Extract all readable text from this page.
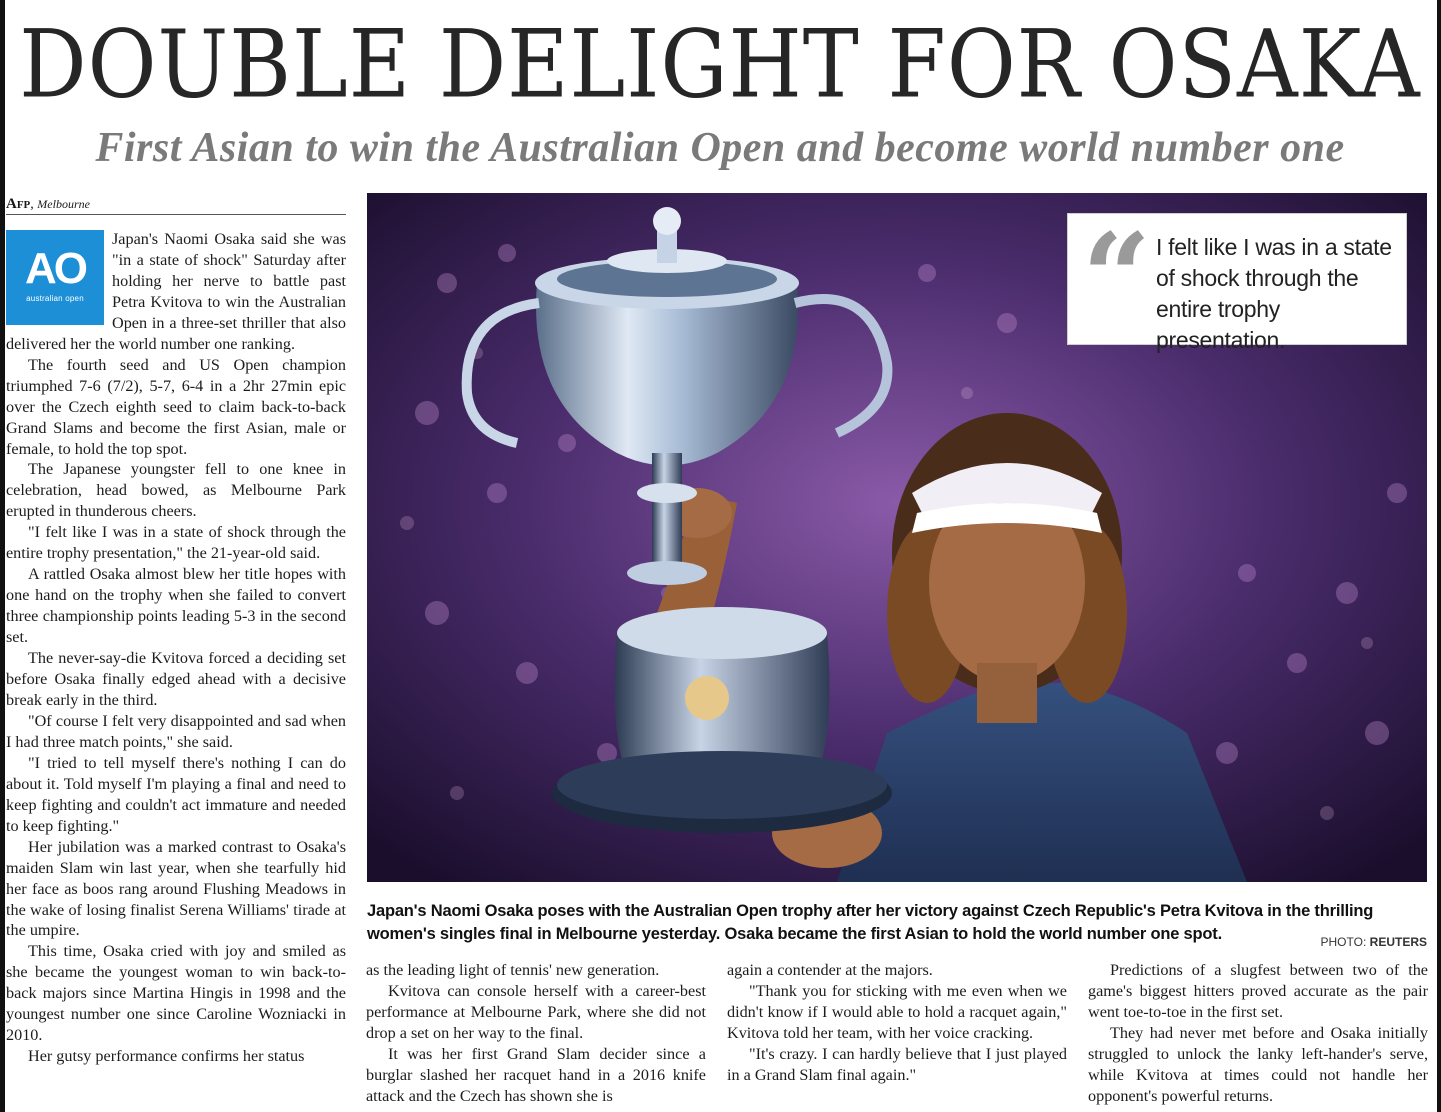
DOUBLE DELIGHT FOR OSAKA
First Asian to win the Australian Open and become world number one
Afp, Melbourne
AO
australian open

Japan's Naomi Osaka said she was "in a state of shock" Saturday after holding her nerve to battle past Petra Kvitova to win the Australian Open in a three-set thriller that also delivered her the world number one ranking.

The fourth seed and US Open champion triumphed 7-6 (7/2), 5-7, 6-4 in a 2hr 27min epic over the Czech eighth seed to claim back-to-back Grand Slams and become the first Asian, male or female, to hold the top spot.

The Japanese youngster fell to one knee in celebration, head bowed, as Melbourne Park erupted in thunderous cheers.

"I felt like I was in a state of shock through the entire trophy presentation," the 21-year-old said.

A rattled Osaka almost blew her title hopes with one hand on the trophy when she failed to convert three championship points leading 5-3 in the second set.

The never-say-die Kvitova forced a deciding set before Osaka finally edged ahead with a decisive break early in the third.

"Of course I felt very disappointed and sad when I had three match points," she said.

"I tried to tell myself there's nothing I can do about it. Told myself I'm playing a final and need to keep fighting and couldn't act immature and needed to keep fighting."

Her jubilation was a marked contrast to Osaka's maiden Slam win last year, when she tearfully hid her face as boos rang around Flushing Meadows in the wake of losing finalist Serena Williams' tirade at the umpire.

This time, Osaka cried with joy and smiled as she became the youngest woman to win back-to-back majors since Martina Hingis in 1998 and the youngest number one since Caroline Wozniacki in 2010.

Her gutsy performance confirms her status

“ I felt like I was in a state of shock through the entire trophy presentation.
Japan's Naomi Osaka poses with the Australian Open trophy after her victory against Czech Republic's Petra Kvitova in the thrilling women's singles final in Melbourne yesterday. Osaka became the first Asian to hold the world number one spot.	PHOTO: REUTERS

as the leading light of tennis' new generation.

Kvitova can console herself with a career-best performance at Melbourne Park, where she did not drop a set on her way to the final.

It was her first Grand Slam decider since a burglar slashed her racquet hand in a 2016 knife attack and the Czech has shown she is

again a contender at the majors.

"Thank you for sticking with me even when we didn't know if I would able to hold a racquet again," Kvitova told her team, with her voice cracking.

"It's crazy. I can hardly believe that I just played in a Grand Slam final again."

Predictions of a slugfest between two of the game's biggest hitters proved accurate as the pair went toe-to-toe in the first set.

They had never met before and Osaka initially struggled to unlock the lanky left-hander's serve, while Kvitova at times could not handle her opponent's powerful returns.
